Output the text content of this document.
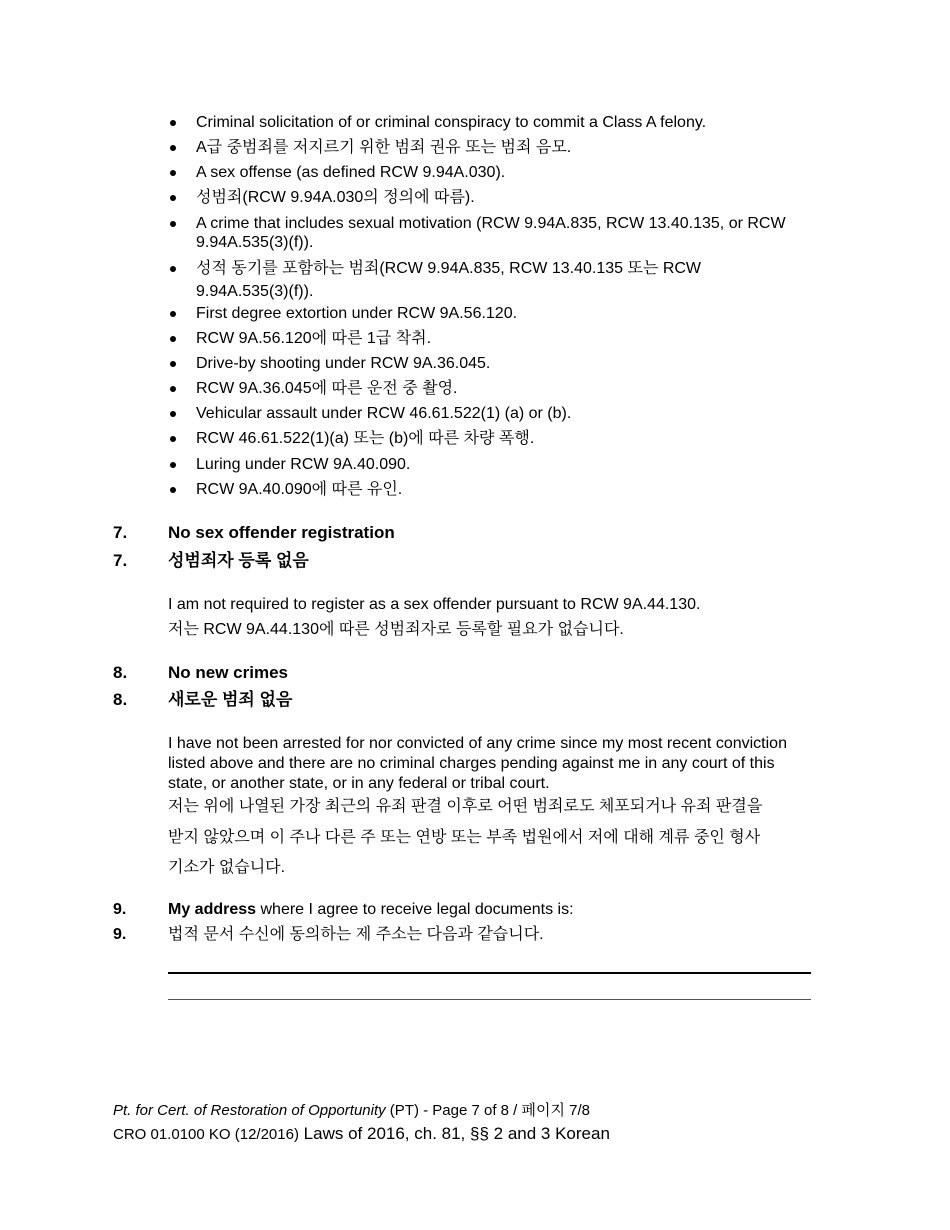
Criminal solicitation of or criminal conspiracy to commit a Class A felony.
A급 중범죄를 저지르기 위한 범죄 권유 또는 범죄 음모.
A sex offense (as defined RCW 9.94A.030).
성범죄(RCW 9.94A.030의 정의에 따름).
A crime that includes sexual motivation (RCW 9.94A.835, RCW 13.40.135, or RCW
9.94A.535(3)(f)).
성적 동기를 포함하는 범죄(RCW 9.94A.835, RCW 13.40.135 또는 RCW
9.94A.535(3)(f)).
First degree extortion under RCW 9A.56.120.
RCW 9A.56.120에 따른 1급 착취.
Drive-by shooting under RCW 9A.36.045.
RCW 9A.36.045에 따른 운전 중 촬영.
Vehicular assault under RCW 46.61.522(1) (a) or (b).
RCW 46.61.522(1)(a) 또는 (b)에 따른 차량 폭행.
Luring under RCW 9A.40.090.
RCW 9A.40.090에 따른 유인.
7. No sex offender registration
7. 성범죄자 등록 없음
I am not required to register as a sex offender pursuant to RCW 9A.44.130.
저는 RCW 9A.44.130에 따른 성범죄자로 등록할 필요가 없습니다.
8. No new crimes
8. 새로운 범죄 없음
I have not been arrested for nor convicted of any crime since my most recent conviction
listed above and there are no criminal charges pending against me in any court of this
state, or another state, or in any federal or tribal court.
저는 위에 나열된 가장 최근의 유죄 판결 이후로 어떤 범죄로도 체포되거나 유죄 판결을
받지 않았으며 이 주나 다른 주 또는 연방 또는 부족 법원에서 저에 대해 계류 중인 형사
기소가 없습니다.
9.	My address where I agree to receive legal documents is:
9.	법적 문서 수신에 동의하는 제 주소는 다음과 같습니다.
Pt. for Cert. of Restoration of Opportunity (PT) - Page 7 of 8 / 페이지 7/8
CRO 01.0100 KO (12/2016) Laws of 2016, ch. 81, §§ 2 and 3 Korean
